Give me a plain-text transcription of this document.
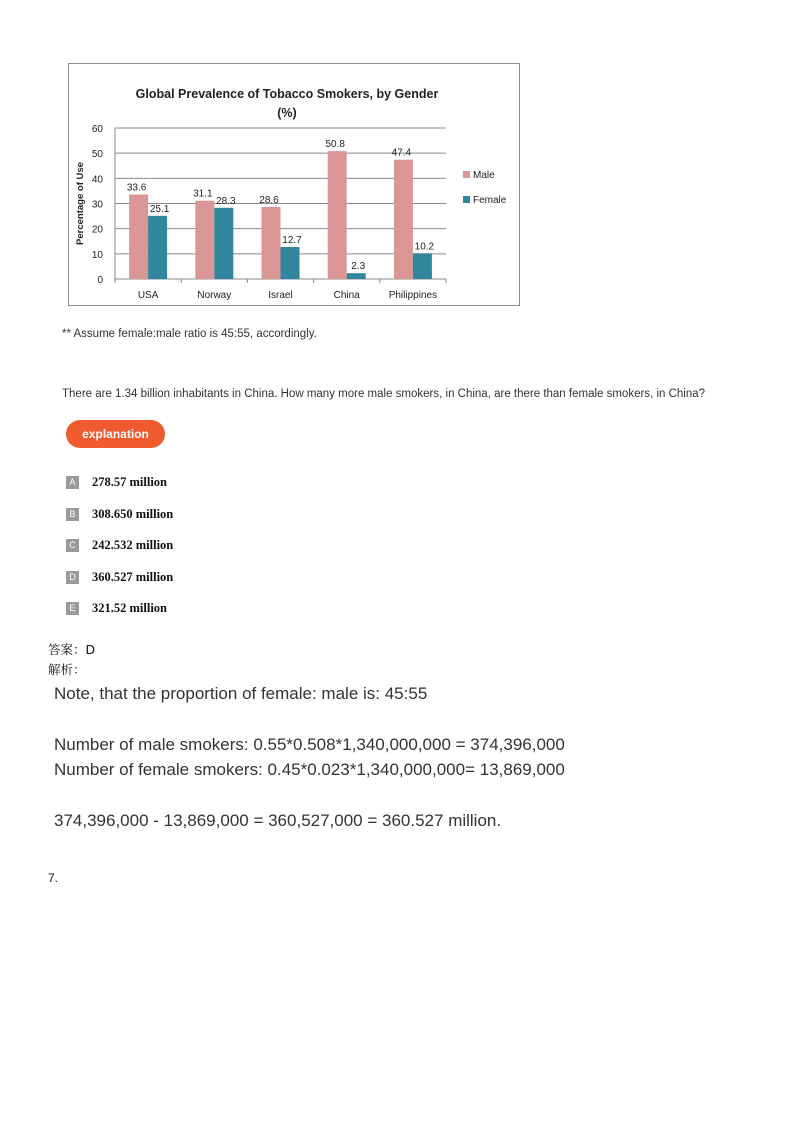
Global Prevalence of Tobacco Smokers, by Gender
(%)
0
10
20
30
40
50
60
Percentage of Use
USA
33.6
25.1
Norway
31.1
28.3
Israel
28.6
12.7
China
50.8
2.3
Philippines
47.4
10.2
Male
Female
** Assume female:male ratio is 45:55, accordingly.
There are 1.34 billion inhabitants in China. How many more male smokers, in China, are there than female smokers, in China?
explanation
A 278.57 million
B 308.650 million
C 242.532 million
D 360.527 million
E 321.52 million
答案：D
解析：
Note, that the proportion of female: male is: 45:55
Number of male smokers: 0.55*0.508*1,340,000,000 = 374,396,000
Number of female smokers: 0.45*0.023*1,340,000,000= 13,869,000
374,396,000 - 13,869,000 = 360,527,000 = 360.527 million.
7.
